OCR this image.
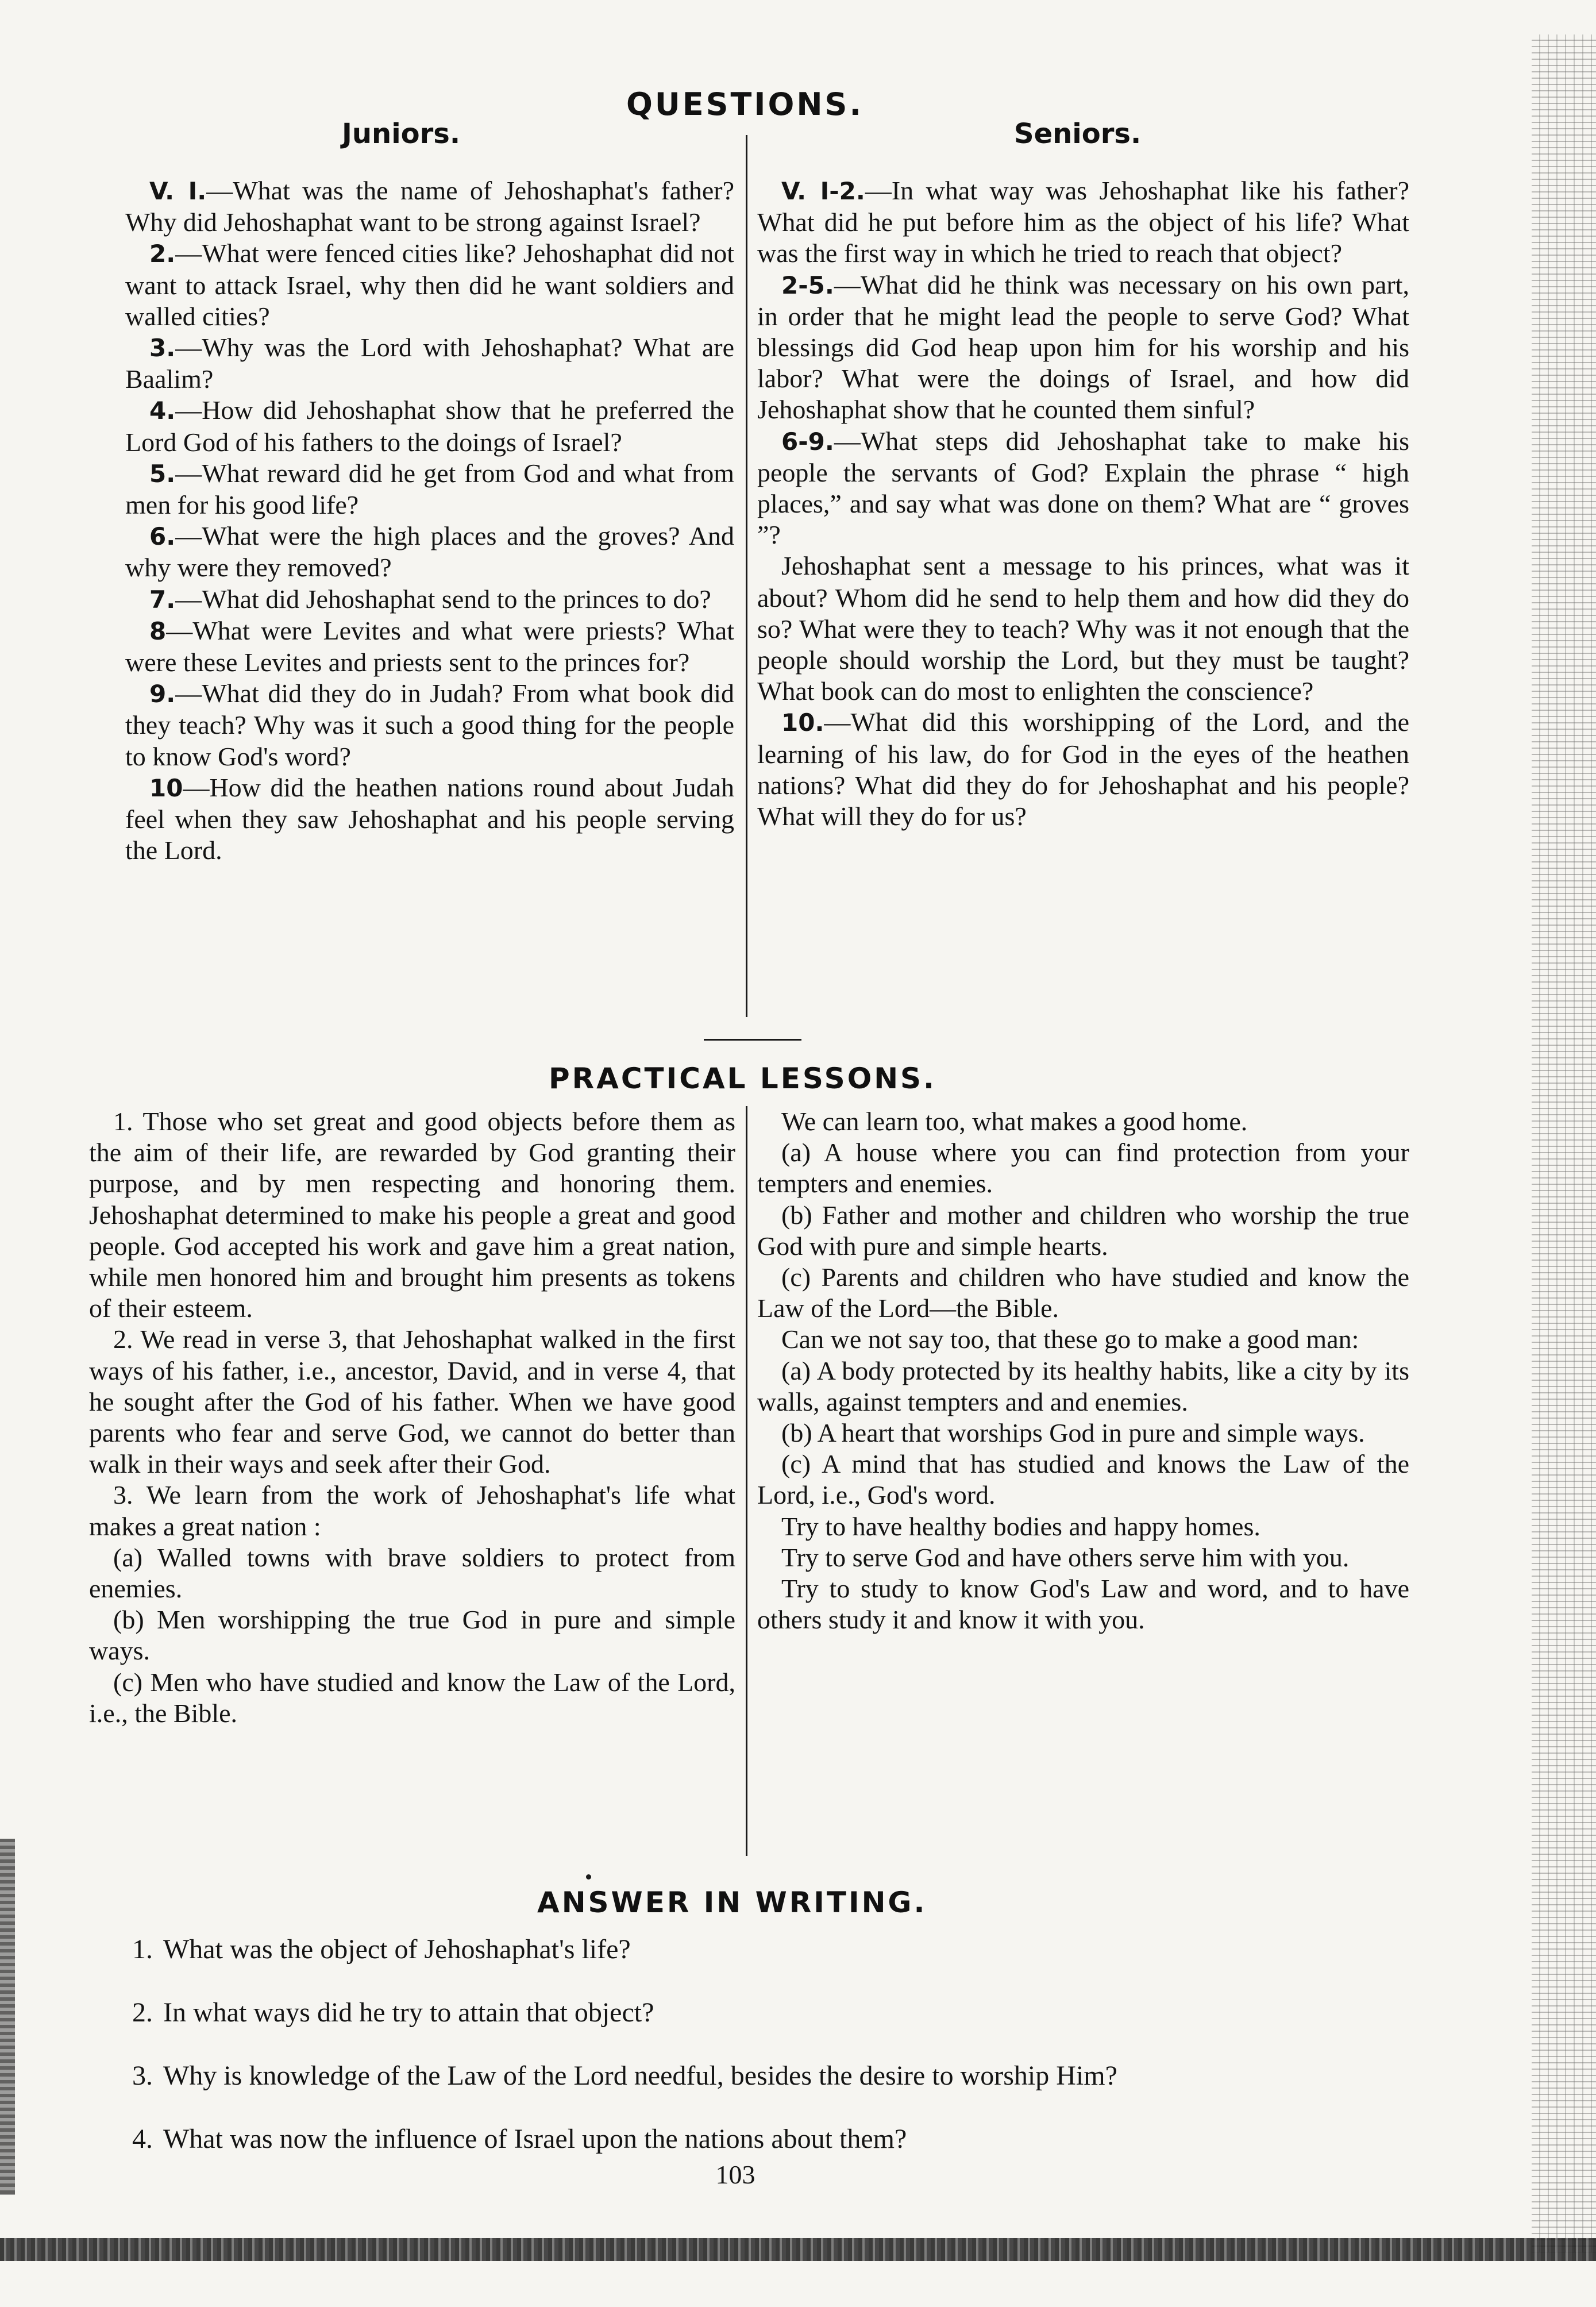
QUESTIONS.
Juniors.	Seniors.

V. I.—What was the name of Jehoshaphat's father? Why did Jehoshaphat want to be strong against Israel?

2.—What were fenced cities like? Jehoshaphat did not want to attack Israel, why then did he want soldiers and walled cities?

3.—Why was the Lord with Jehoshaphat? What are Baalim?

4.—How did Jehoshaphat show that he preferred the Lord God of his fathers to the doings of Israel?

5.—What reward did he get from God and what from men for his good life?

6.—What were the high places and the groves? And why were they removed?

7.—What did Jehoshaphat send to the princes to do?

8—What were Levites and what were priests? What were these Levites and priests sent to the princes for?

9.—What did they do in Judah? From what book did they teach? Why was it such a good thing for the people to know God's word?

10—How did the heathen nations round about Judah feel when they saw Jehoshaphat and his people serving the Lord.

V. I-2.—In what way was Jehoshaphat like his father? What did he put before him as the object of his life? What was the first way in which he tried to reach that object?

2-5.—What did he think was necessary on his own part, in order that he might lead the people to serve God? What blessings did God heap upon him for his worship and his labor? What were the doings of Israel, and how did Jehoshaphat show that he counted them sinful?

6-9.—What steps did Jehoshaphat take to make his people the servants of God? Explain the phrase “ high places,” and say what was done on them? What are “ groves ”?

Jehoshaphat sent a message to his princes, what was it about? Whom did he send to help them and how did they do so? What were they to teach? Why was it not enough that the people should worship the Lord, but they must be taught? What book can do most to enlighten the conscience?

10.—What did this worshipping of the Lord, and the learning of his law, do for God in the eyes of the heathen nations? What did they do for Jehoshaphat and his people? What will they do for us?

PRACTICAL LESSONS.

1. Those who set great and good objects before them as the aim of their life, are rewarded by God granting their purpose, and by men respecting and honoring them. Jehoshaphat determined to make his people a great and good people. God accepted his work and gave him a great nation, while men honored him and brought him presents as tokens of their esteem.

2. We read in verse 3, that Jehoshaphat walked in the first ways of his father, i.e., ancestor, David, and in verse 4, that he sought after the God of his father. When we have good parents who fear and serve God, we cannot do better than walk in their ways and seek after their God.

3. We learn from the work of Jehoshaphat's life what makes a great nation :

(a) Walled towns with brave soldiers to protect from enemies.

(b) Men worshipping the true God in pure and simple ways.

(c) Men who have studied and know the Law of the Lord, i.e., the Bible.

We can learn too, what makes a good home.

(a) A house where you can find protection from your tempters and enemies.

(b) Father and mother and children who worship the true God with pure and simple hearts.

(c) Parents and children who have studied and know the Law of the Lord—the Bible.

Can we not say too, that these go to make a good man:

(a) A body protected by its healthy habits, like a city by its walls, against tempters and and enemies.

(b) A heart that worships God in pure and simple ways.

(c) A mind that has studied and knows the Law of the Lord, i.e., God's word.

Try to have healthy bodies and happy homes.

Try to serve God and have others serve him with you.

Try to study to know God's Law and word, and to have others study it and know it with you.

ANSWER IN WRITING.

1. What was the object of Jehoshaphat's life?

2. In what ways did he try to attain that object?

3. Why is knowledge of the Law of the Lord needful, besides the desire to worship Him?

4. What was now the influence of Israel upon the nations about them?

103
